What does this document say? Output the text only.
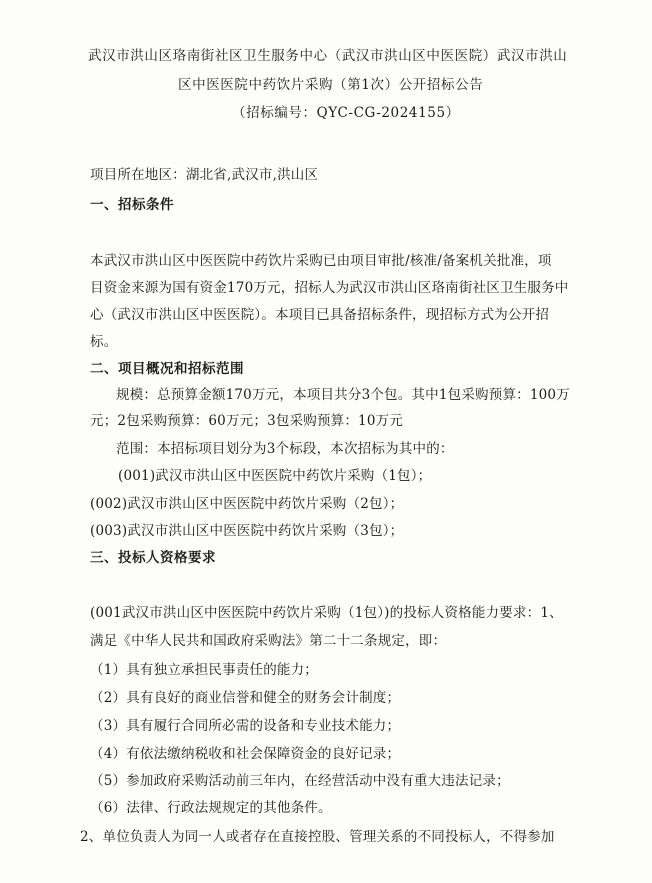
武汉市洪山区珞南街社区卫生服务中心（武汉市洪山区中医医院）武汉市洪山
区中医医院中药饮片采购（第1次）公开招标公告
（招标编号：QYC-CG-2024155）
项目所在地区：湖北省,武汉市,洪山区
一、招标条件
本武汉市洪山区中医医院中药饮片采购已由项目审批/核准/备案机关批准，项
目资金来源为国有资金170万元，招标人为武汉市洪山区珞南街社区卫生服务中
心（武汉市洪山区中医医院）。本项目已具备招标条件，现招标方式为公开招
标。
二、项目概况和招标范围
规模：总预算金额170万元，本项目共分3个包。其中1包采购预算：100万
元；2包采购预算：60万元；3包采购预算：10万元
范围：本招标项目划分为3个标段，本次招标为其中的：
(001)武汉市洪山区中医医院中药饮片采购（1包）；
(002)武汉市洪山区中医医院中药饮片采购（2包）；
(003)武汉市洪山区中医医院中药饮片采购（3包）；
三、投标人资格要求
(001武汉市洪山区中医医院中药饮片采购（1包）)的投标人资格能力要求：1、
满足《中华人民共和国政府采购法》第二十二条规定，即：
（1）具有独立承担民事责任的能力；
（2）具有良好的商业信誉和健全的财务会计制度；
（3）具有履行合同所必需的设备和专业技术能力；
（4）有依法缴纳税收和社会保障资金的良好记录；
（5）参加政府采购活动前三年内，在经营活动中没有重大违法记录；
（6）法律、行政法规规定的其他条件。
2、单位负责人为同一人或者存在直接控股、管理关系的不同投标人，不得参加
